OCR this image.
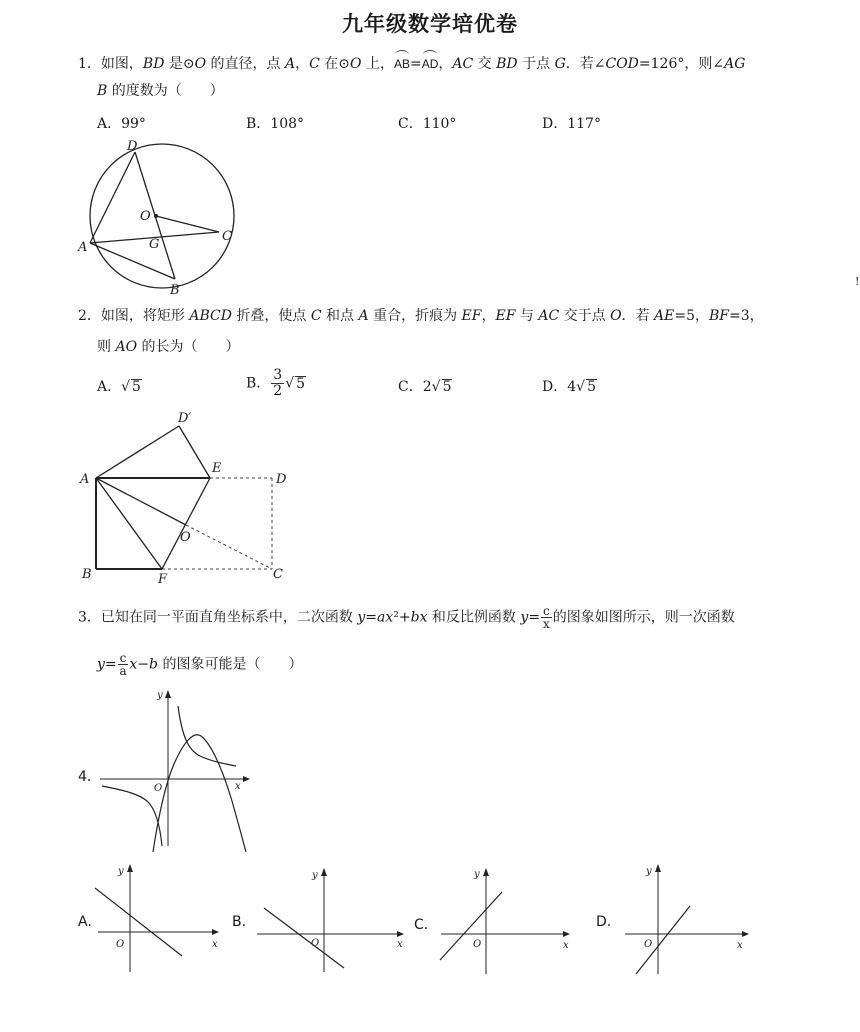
九年级数学培优卷
1．如图，BD 是⊙O 的直径，点 A，C 在⊙O 上，AB=AD，AC 交 BD 于点 G．若∠COD=126°，则∠AG
B 的度数为（　　）
A．99°	B．108°	C．110°	D．117°
D
O
A	G
C
B
!
2．如图，将矩形 ABCD 折叠，使点 C 和点 A 重合，折痕为 EF，EF 与 AC 交于点 O．若 AE=5，BF=3，
则 AO 的长为（　　）
A．√ 5	B． $\frac{3}{2}$ √ 5	C．2√ 5	D．4√ 5
D′
A
E
D
O
B	F	C
3．已知在同一平面直角坐标系中，二次函数 y=ax²+bx 和反比例函数 $y= \frac{c}{x}$ 的图象如图所示，则一次函数
$y= \frac{c}{a} x-b$ 的图象可能是（　　）
4．
y
x
O
A.
y
x
O
B.
y
x
O
C．
y
x
O
D.
y
x
O
